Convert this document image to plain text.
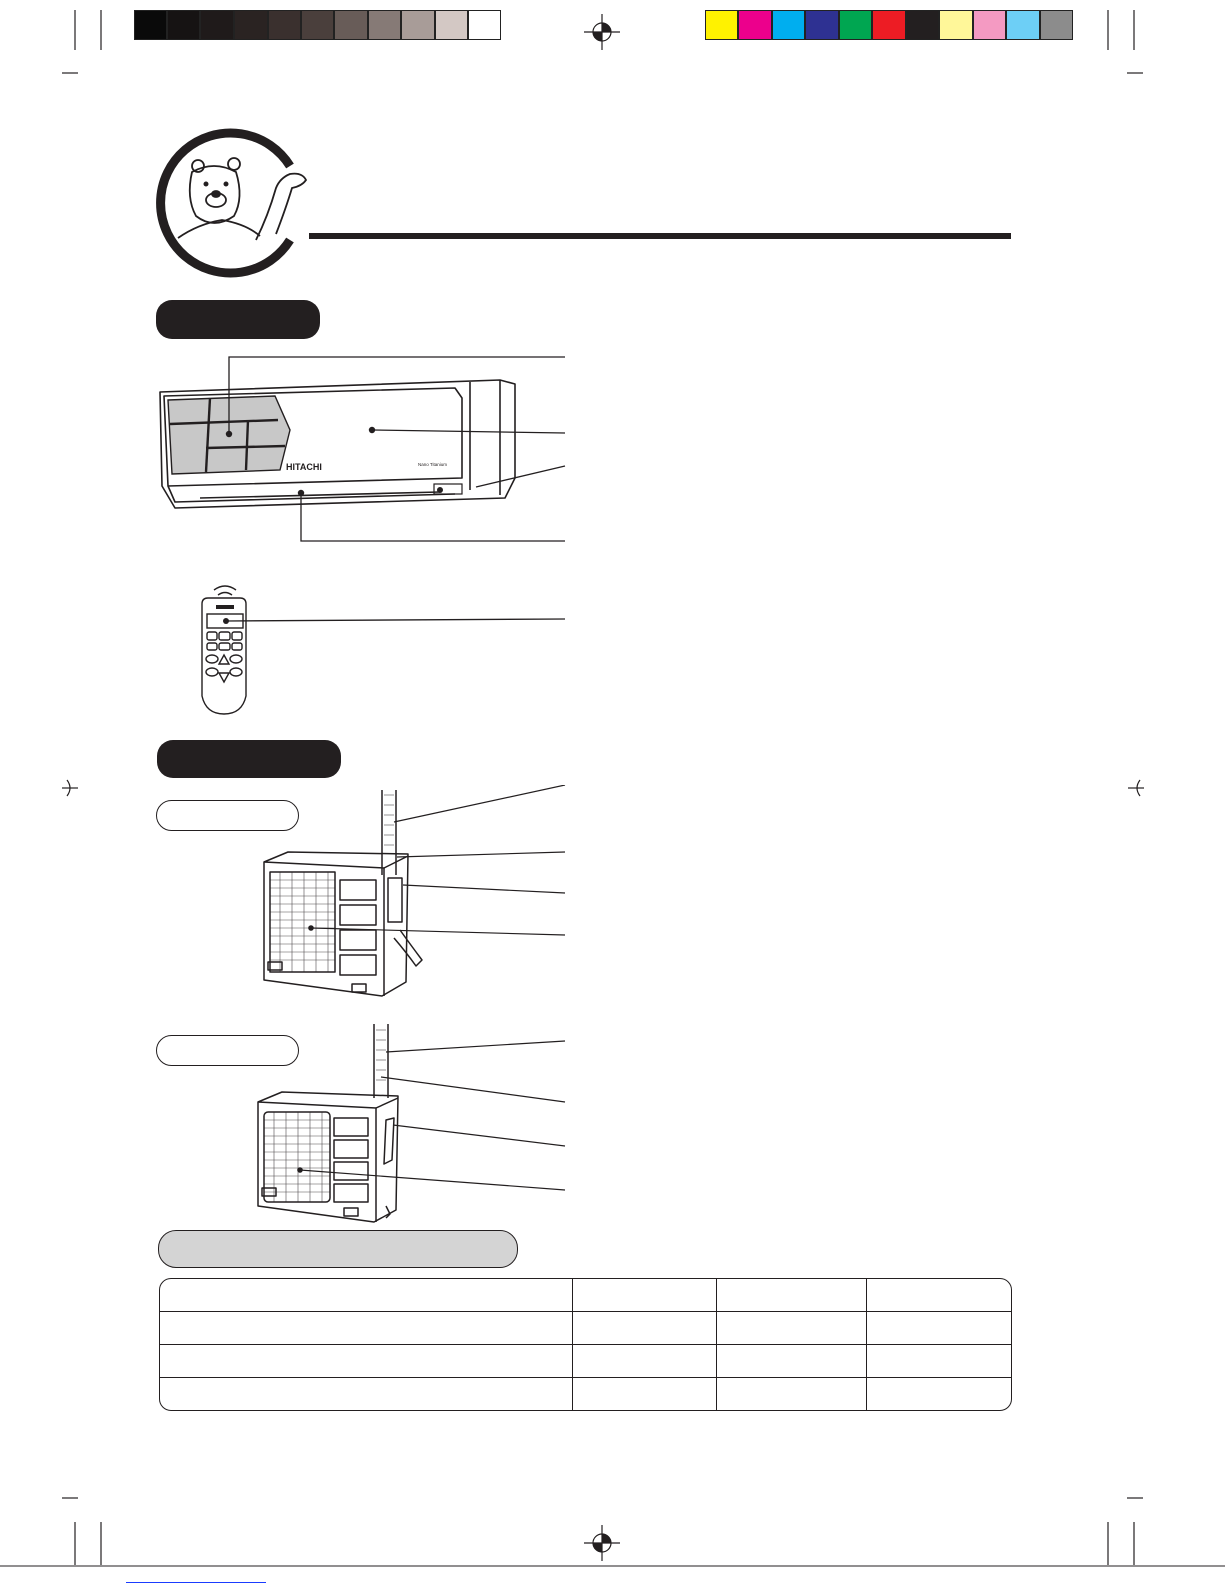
HITACHI	Nano Titanium
